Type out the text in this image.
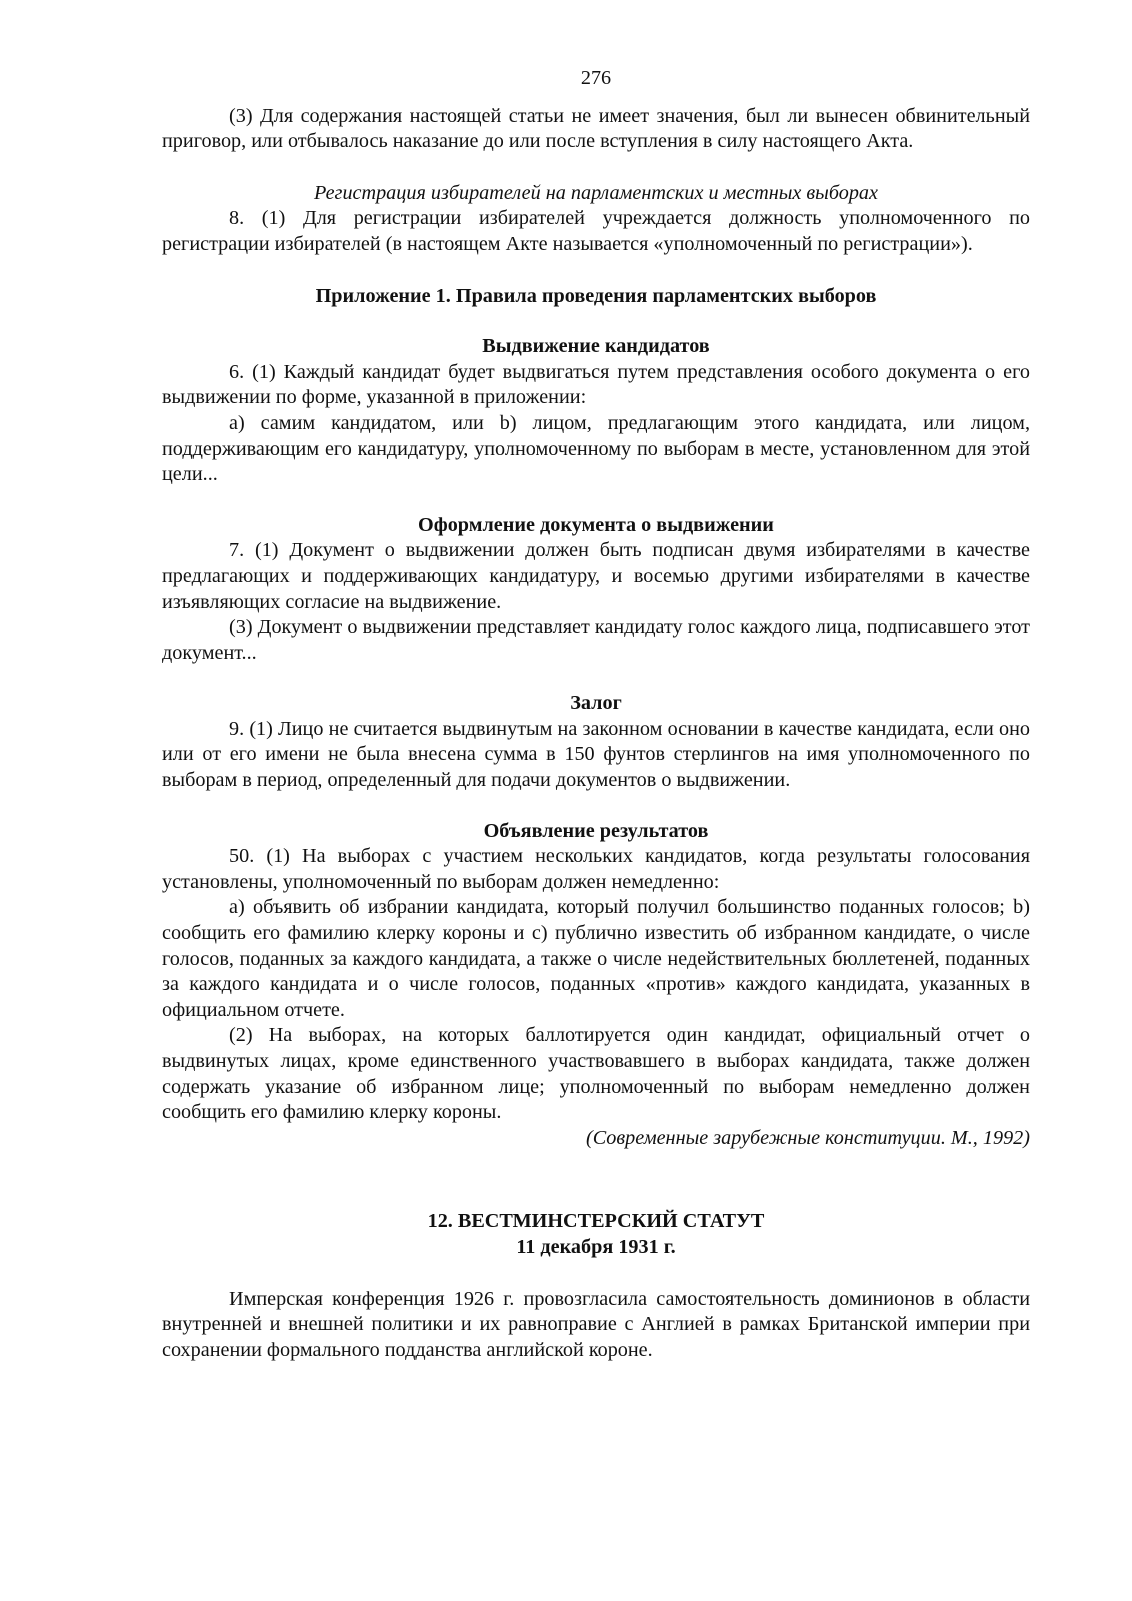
276

(3) Для содержания настоящей статьи не имеет значения, был ли вынесен обвинительный приговор, или отбывалось наказание до или после вступления в силу настоящего Акта.

Регистрация избирателей на парламентских и местных выборах

8. (1) Для регистрации избирателей учреждается должность уполномоченного по регистрации избирателей (в настоящем Акте называется «уполномоченный по регистрации»).

Приложение 1. Правила проведения парламентских выборов
Выдвижение кандидатов

6. (1) Каждый кандидат будет выдвигаться путем представления особого документа о его выдвижении по форме, указанной в приложении:

а) самим кандидатом, или b) лицом, предлагающим этого кандидата, или лицом, поддерживающим его кандидатуру, уполномоченному по выборам в месте, установленном для этой цели...

Оформление документа о выдвижении

7. (1) Документ о выдвижении должен быть подписан двумя избирателями в качестве предлагающих и поддерживающих кандидатуру, и восемью другими избирателями в качестве изъявляющих согласие на выдвижение.

(3) Документ о выдвижении представляет кандидату голос каждого лица, подписавшего этот документ...

Залог

9. (1) Лицо не считается выдвинутым на законном основании в качестве кандидата, если оно или от его имени не была внесена сумма в 150 фунтов стерлингов на имя уполномоченного по выборам в период, определенный для подачи документов о выдвижении.

Объявление результатов

50. (1) На выборах с участием нескольких кандидатов, когда результаты голосования установлены, уполномоченный по выборам должен немедленно:

а) объявить об избрании кандидата, который получил большинство поданных голосов; b) сообщить его фамилию клерку короны и с) публично известить об избранном кандидате, о числе голосов, поданных за каждого кандидата, а также о числе недействительных бюллетеней, поданных за каждого кандидата и о числе голосов, поданных «против» каждого кандидата, указанных в официальном отчете.

(2) На выборах, на которых баллотируется один кандидат, официальный отчет о выдвинутых лицах, кроме единственного участвовавшего в выборах кандидата, также должен содержать указание об избранном лице; уполномоченный по выборам немедленно должен сообщить его фамилию клерку короны.

(Современные зарубежные конституции. М., 1992)
12. ВЕСТМИНСТЕРСКИЙ СТАТУТ
11 декабря 1931 г.

Имперская конференция 1926 г. провозгласила самостоятельность доминионов в области внутренней и внешней политики и их равноправие с Англией в рамках Британской империи при сохранении формального подданства английской короне.
